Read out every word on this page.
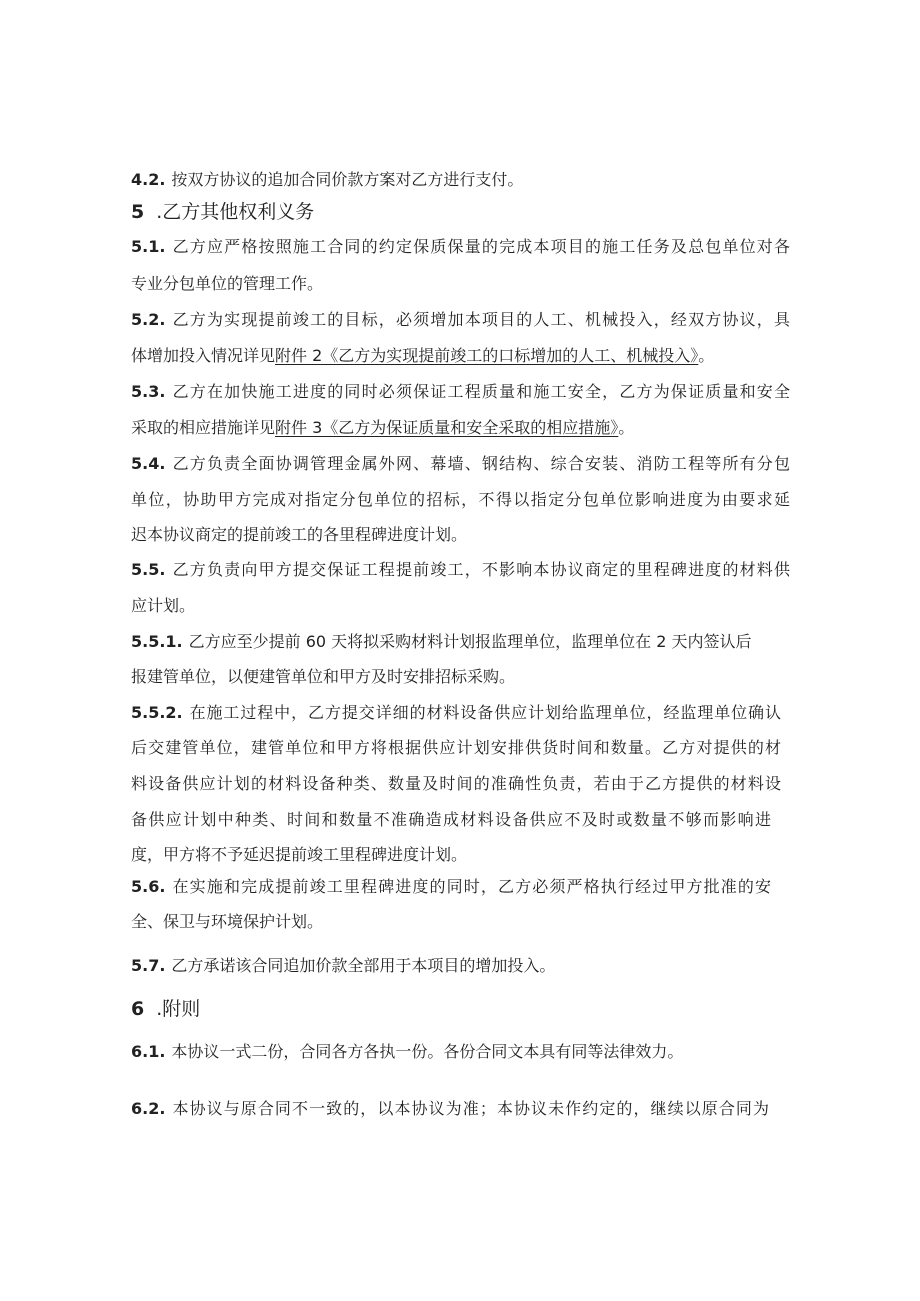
4.2. 按双方协议的追加合同价款方案对乙方进行支付。
5 .乙方其他权利义务
5.1. 乙方应严格按照施工合同的约定保质保量的完成本项目的施工任务及总包单位对各
专业分包单位的管理工作。
5.2. 乙方为实现提前竣工的目标，必须增加本项目的人工、机械投入，经双方协议，具
体增加投入情况详见附件 2《乙方为实现提前竣工的口标增加的人工、机械投入》。
5.3. 乙方在加快施工进度的同时必须保证工程质量和施工安全，乙方为保证质量和安全
采取的相应措施详见附件 3《乙方为保证质量和安全采取的相应措施》。
5.4. 乙方负责全面协调管理金属外网、幕墙、钢结构、综合安装、消防工程等所有分包
单位，协助甲方完成对指定分包单位的招标，不得以指定分包单位影响进度为由要求延
迟本协议商定的提前竣工的各里程碑进度计划。
5.5. 乙方负责向甲方提交保证工程提前竣工，不影响本协议商定的里程碑进度的材料供
应计划。
5.5.1. 乙方应至少提前 60 天将拟采购材料计划报监理单位，监理单位在 2 天内签认后
报建管单位，以便建管单位和甲方及时安排招标采购。
5.5.2. 在施工过程中，乙方提交详细的材料设备供应计划给监理单位，经监理单位确认
后交建管单位，建管单位和甲方将根据供应计划安排供货时间和数量。乙方对提供的材
料设备供应计划的材料设备种类、数量及时间的准确性负责，若由于乙方提供的材料设
备供应计划中种类、时间和数量不准确造成材料设备供应不及时或数量不够而影响进
度，甲方将不予延迟提前竣工里程碑进度计划。
5.6. 在实施和完成提前竣工里程碑进度的同时，乙方必须严格执行经过甲方批准的安
全、保卫与环境保护计划。
5.7. 乙方承诺该合同追加价款全部用于本项目的增加投入。
6 .附则
6.1. 本协议一式二份，合同各方各执一份。各份合同文本具有同等法律效力。
6.2. 本协议与原合同不一致的，以本协议为准；本协议未作约定的，继续以原合同为
